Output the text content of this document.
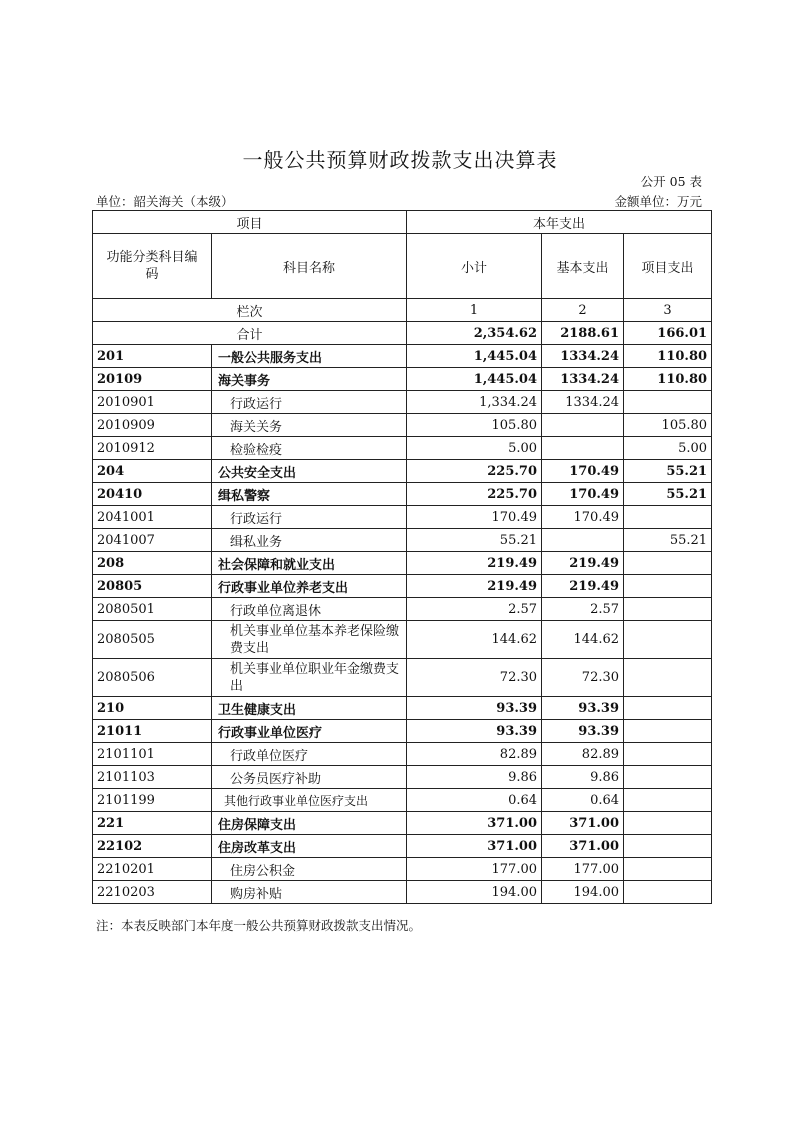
一般公共预算财政拨款支出决算表
公开 05 表
单位：韶关海关（本级）	金额单位：万元
项目		本年支出		
功能分类科目编
码	科目名称	小计	基本支出	项目支出
栏次		1	2	3
合计		2,354.62	2188.61	166.01
201	一般公共服务支出	1,445.04	1334.24	110.80
20109	海关事务	1,445.04	1334.24	110.80
2010901	行政运行	1,334.24	1334.24	
2010909	海关关务	105.80		105.80
2010912	检验检疫	5.00		5.00
204	公共安全支出	225.70	170.49	55.21
20410	缉私警察	225.70	170.49	55.21
2041001	行政运行	170.49	170.49	
2041007	缉私业务	55.21		55.21
208	社会保障和就业支出	219.49	219.49	
20805	行政事业单位养老支出	219.49	219.49	
2080501	行政单位离退休	2.57	2.57	
2080505	机关事业单位基本养老保险缴费支出	144.62	144.62	
2080506	机关事业单位职业年金缴费支出	72.30	72.30	
210	卫生健康支出	93.39	93.39	
21011	行政事业单位医疗	93.39	93.39	
2101101	行政单位医疗	82.89	82.89	
2101103	公务员医疗补助	9.86	9.86	
2101199	其他行政事业单位医疗支出	0.64	0.64	
221	住房保障支出	371.00	371.00	
22102	住房改革支出	371.00	371.00	
2210201	住房公积金	177.00	177.00	
2210203	购房补贴	194.00	194.00	
注：本表反映部门本年度一般公共预算财政拨款支出情况。
